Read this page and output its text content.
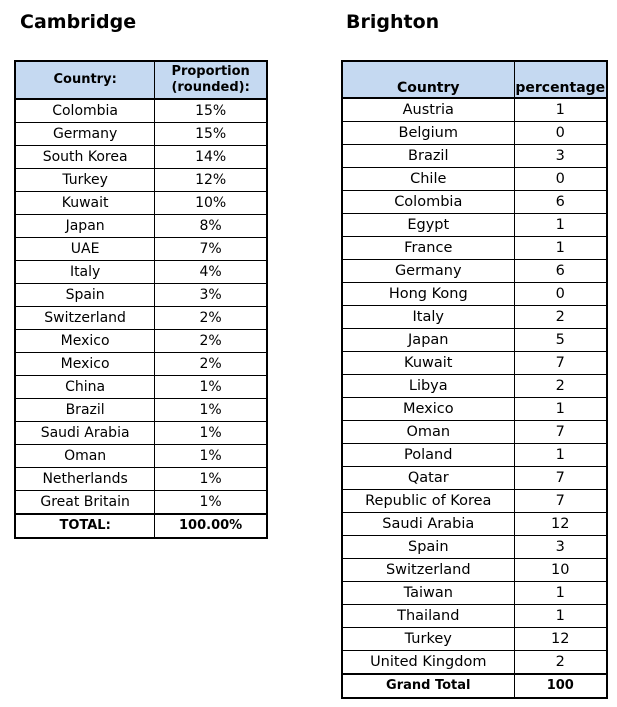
Cambridge	Brighton
Country:	Proportion (rounded):
Colombia	15%
Germany	15%
South Korea	14%
Turkey	12%
Kuwait	10%
Japan	8%
UAE	7%
Italy	4%
Spain	3%
Switzerland	2%
Mexico	2%
Mexico	2%
China	1%
Brazil	1%
Saudi Arabia	1%
Oman	1%
Netherlands	1%
Great Britain	1%
TOTAL:	100.00%
Country	percentage
Austria	1
Belgium	0
Brazil	3
Chile	0
Colombia	6
Egypt	1
France	1
Germany	6
Hong Kong	0
Italy	2
Japan	5
Kuwait	7
Libya	2
Mexico	1
Oman	7
Poland	1
Qatar	7
Republic of Korea	7
Saudi Arabia	12
Spain	3
Switzerland	10
Taiwan	1
Thailand	1
Turkey	12
United Kingdom	2
Grand Total	100
